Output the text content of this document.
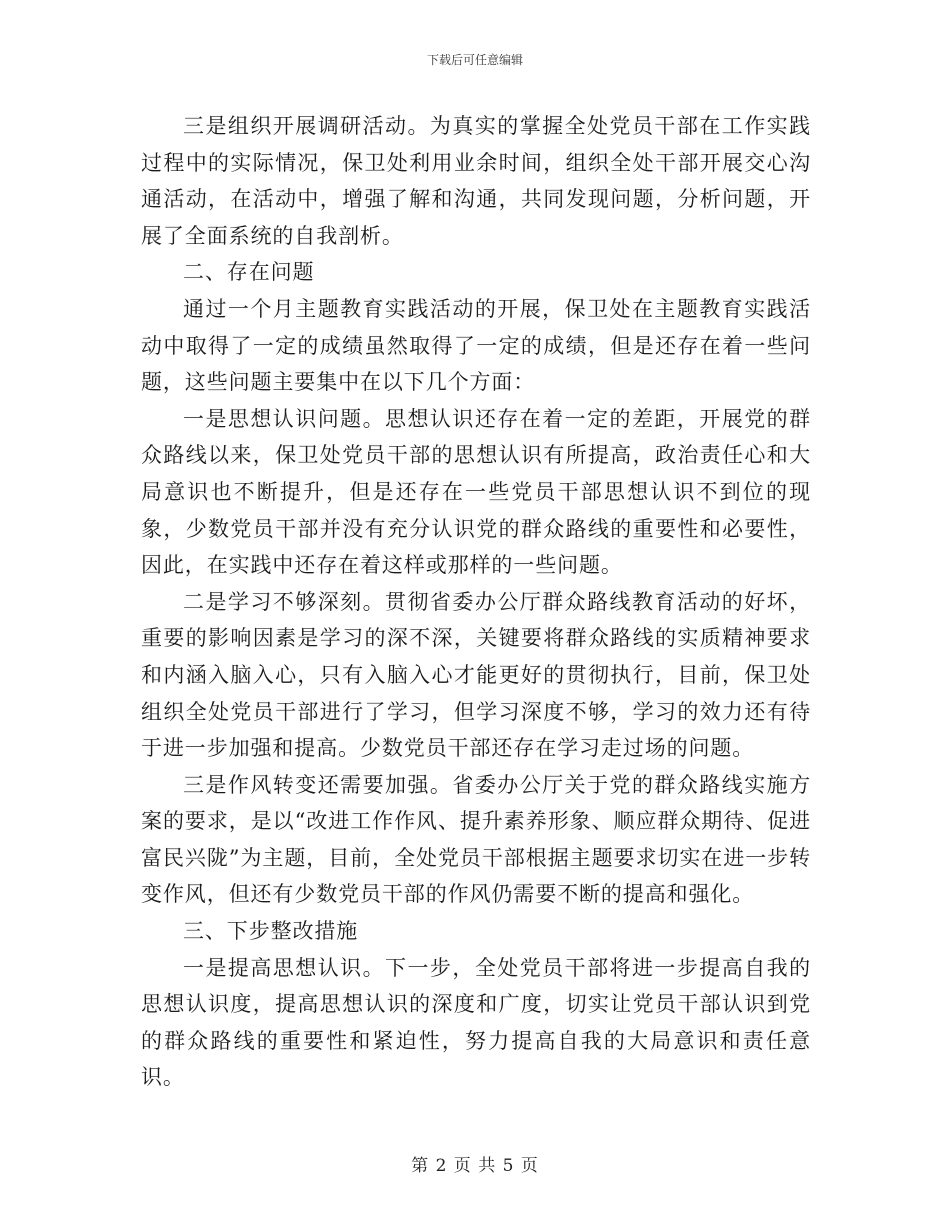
下载后可任意编辑

三是组织开展调研活动。为真实的掌握全处党员干部在工作实践过程中的实际情况，保卫处利用业余时间，组织全处干部开展交心沟通活动，在活动中，增强了解和沟通，共同发现问题，分析问题，开展了全面系统的自我剖析。

二、存在问题

通过一个月主题教育实践活动的开展，保卫处在主题教育实践活动中取得了一定的成绩虽然取得了一定的成绩，但是还存在着一些问题，这些问题主要集中在以下几个方面：

一是思想认识问题。思想认识还存在着一定的差距，开展党的群众路线以来，保卫处党员干部的思想认识有所提高，政治责任心和大局意识也不断提升，但是还存在一些党员干部思想认识不到位的现象，少数党员干部并没有充分认识党的群众路线的重要性和必要性，因此，在实践中还存在着这样或那样的一些问题。

二是学习不够深刻。贯彻省委办公厅群众路线教育活动的好坏，重要的影响因素是学习的深不深，关键要将群众路线的实质精神要求和内涵入脑入心，只有入脑入心才能更好的贯彻执行，目前，保卫处组织全处党员干部进行了学习，但学习深度不够，学习的效力还有待于进一步加强和提高。少数党员干部还存在学习走过场的问题。

三是作风转变还需要加强。省委办公厅关于党的群众路线实施方案的要求，是以“改进工作作风、提升素养形象、顺应群众期待、促进富民兴陇”为主题，目前，全处党员干部根据主题要求切实在进一步转变作风，但还有少数党员干部的作风仍需要不断的提高和强化。

三、下步整改措施

一是提高思想认识。下一步，全处党员干部将进一步提高自我的思想认识度，提高思想认识的深度和广度，切实让党员干部认识到党的群众路线的重要性和紧迫性，努力提高自我的大局意识和责任意识。

第 2 页 共 5 页
